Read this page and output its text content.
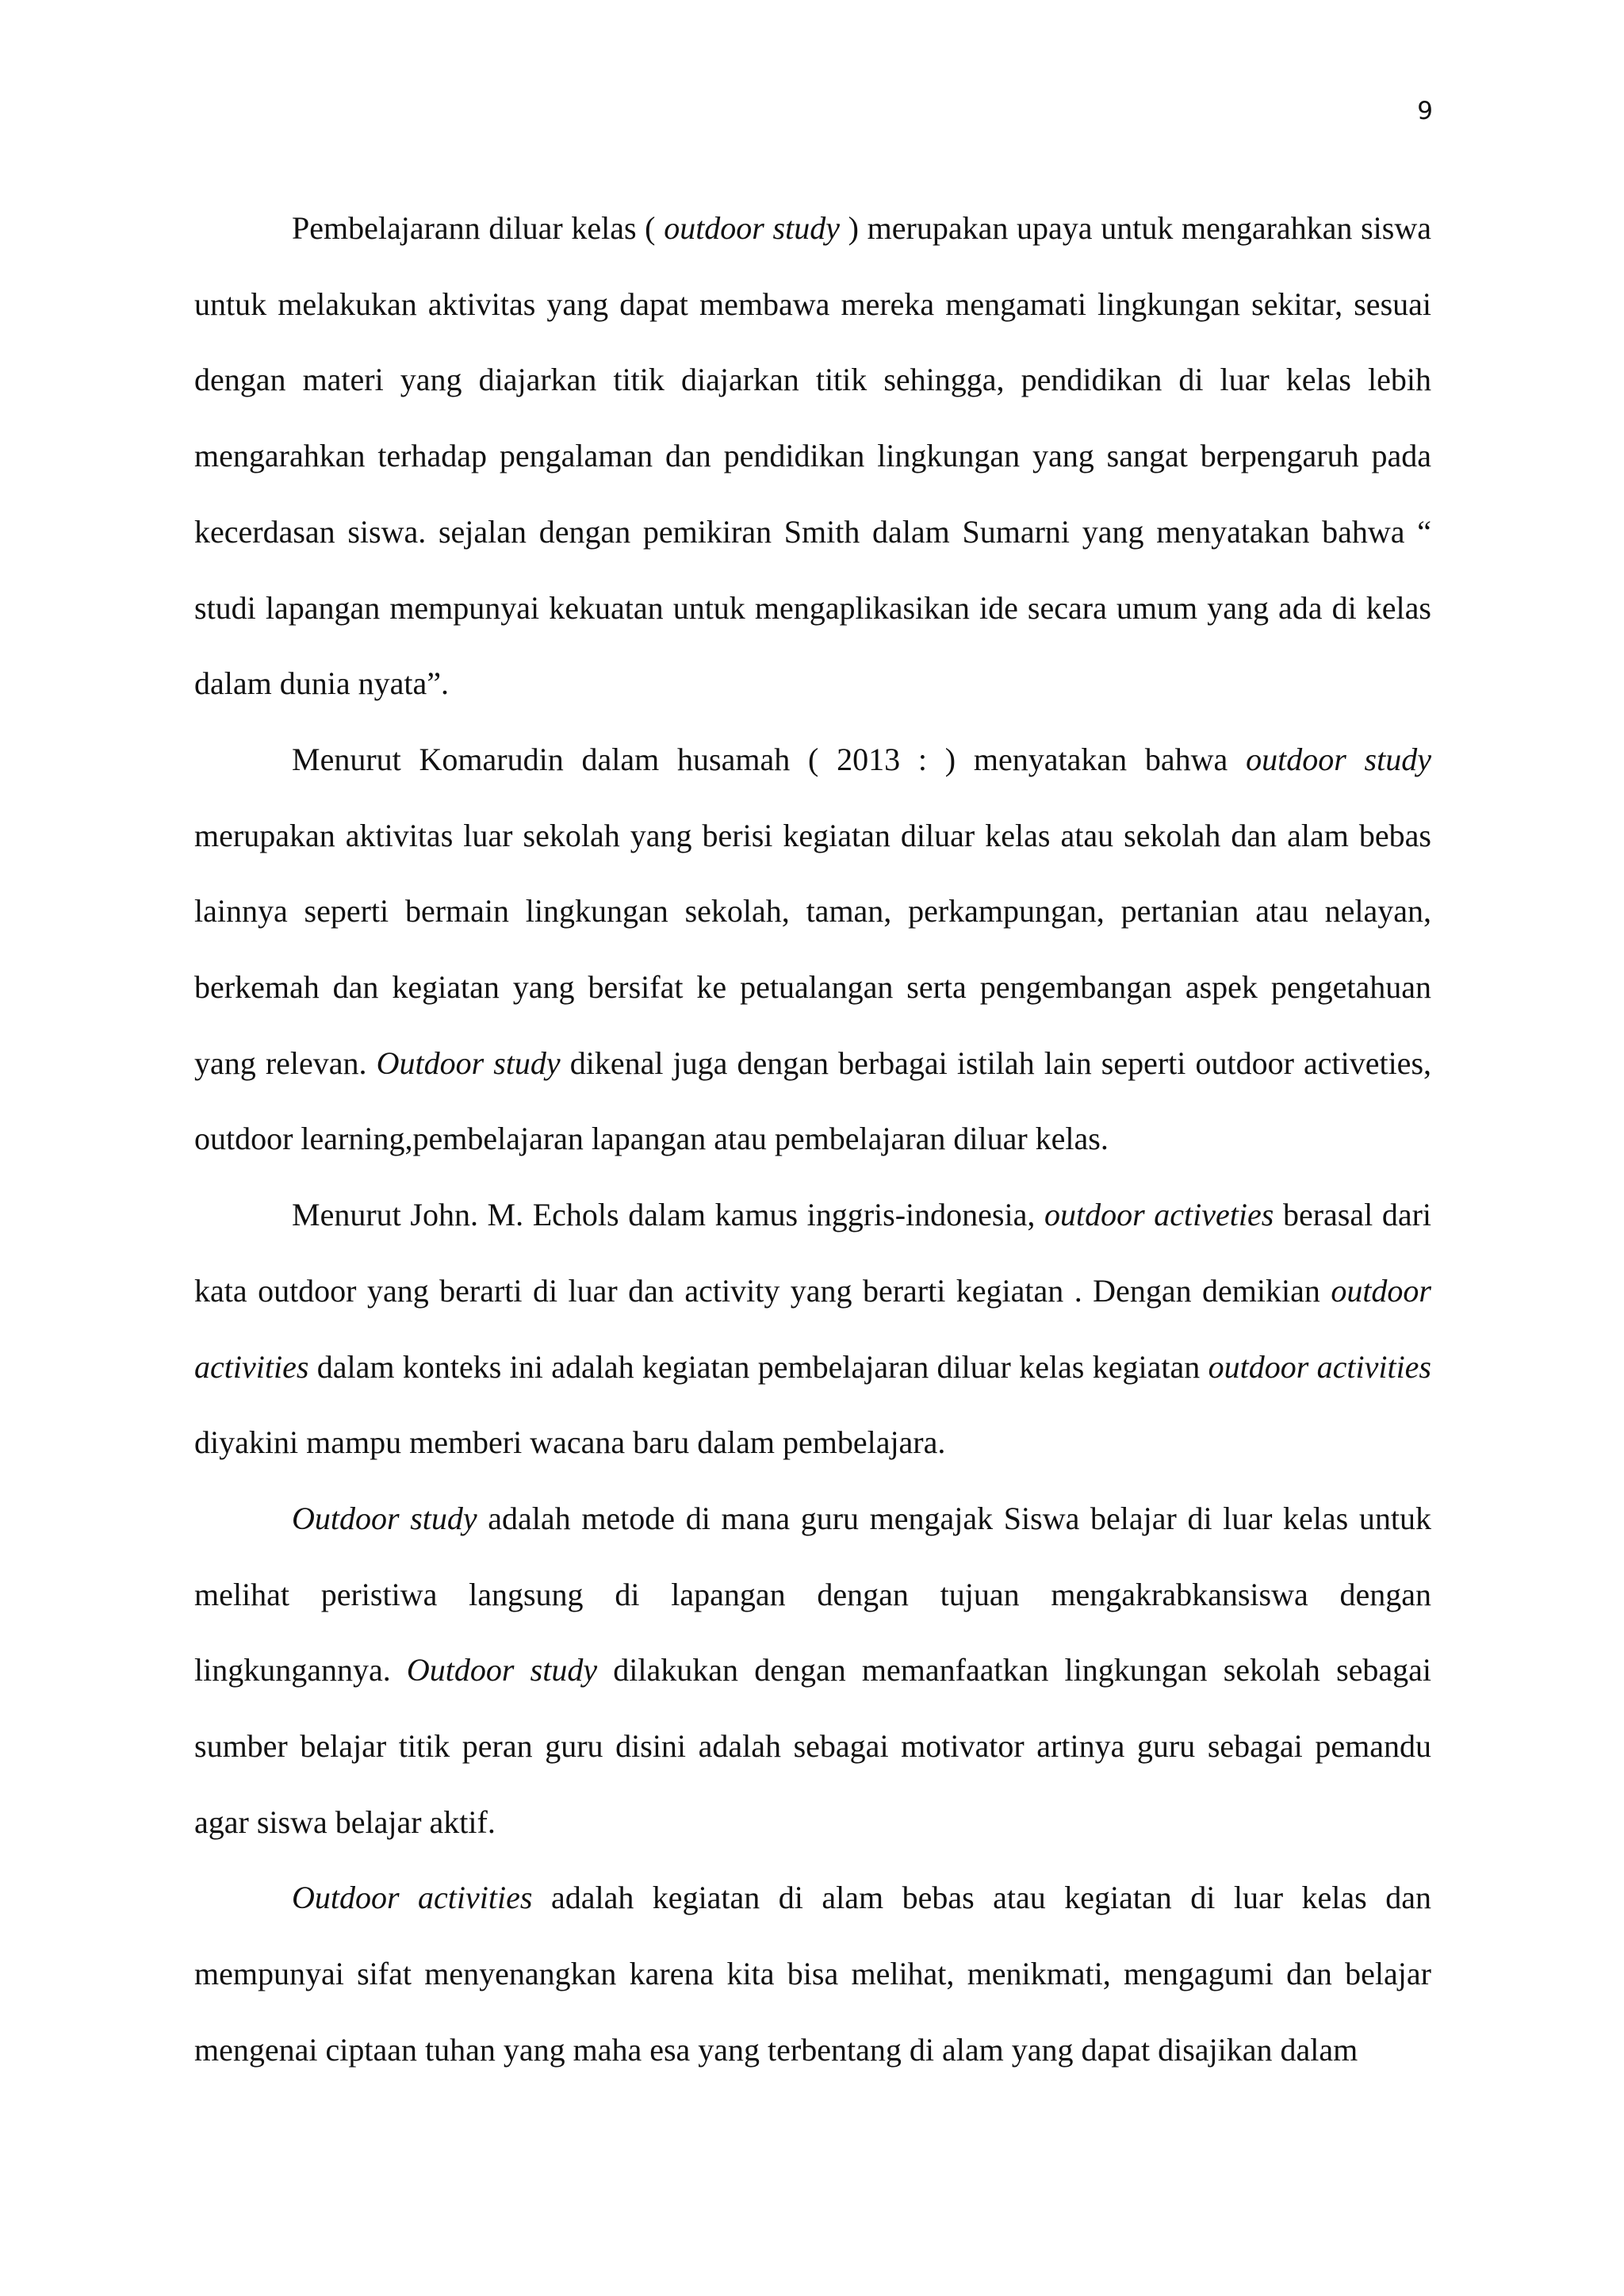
9

Pembelajarann diluar kelas ( outdoor study ) merupakan upaya untuk mengarahkan siswa untuk melakukan aktivitas yang dapat membawa mereka mengamati lingkungan sekitar, sesuai dengan materi yang diajarkan titik diajarkan titik sehingga, pendidikan di luar kelas lebih mengarahkan terhadap pengalaman dan pendidikan lingkungan yang sangat berpengaruh pada kecerdasan siswa. sejalan dengan pemikiran Smith dalam Sumarni yang menyatakan bahwa “ studi lapangan mempunyai kekuatan untuk mengaplikasikan ide secara umum yang ada di kelas dalam dunia nyata”.

Menurut Komarudin dalam husamah ( 2013 : ) menyatakan bahwa outdoor study merupakan aktivitas luar sekolah yang berisi kegiatan diluar kelas atau sekolah dan alam bebas lainnya seperti bermain lingkungan sekolah, taman, perkampungan, pertanian atau nelayan, berkemah dan kegiatan yang bersifat ke petualangan serta pengembangan aspek pengetahuan yang relevan. Outdoor study dikenal juga dengan berbagai istilah lain seperti outdoor activeties, outdoor learning,pembelajaran lapangan atau pembelajaran diluar kelas.

Menurut John. M. Echols dalam kamus inggris-indonesia, outdoor activeties berasal dari kata outdoor yang berarti di luar dan activity yang berarti kegiatan . Dengan demikian outdoor activities dalam konteks ini adalah kegiatan pembelajaran diluar kelas kegiatan outdoor activities diyakini mampu memberi wacana baru dalam pembelajara.

Outdoor study adalah metode di mana guru mengajak Siswa belajar di luar kelas untuk melihat peristiwa langsung di lapangan dengan tujuan mengakrabkansiswa dengan lingkungannya. Outdoor study dilakukan dengan memanfaatkan lingkungan sekolah sebagai sumber belajar titik peran guru disini adalah sebagai motivator artinya guru sebagai pemandu agar siswa belajar aktif.

Outdoor activities adalah kegiatan di alam bebas atau kegiatan di luar kelas dan mempunyai sifat menyenangkan karena kita bisa melihat, menikmati, mengagumi dan belajar mengenai ciptaan tuhan yang maha esa yang terbentang di alam yang dapat disajikan dalam
